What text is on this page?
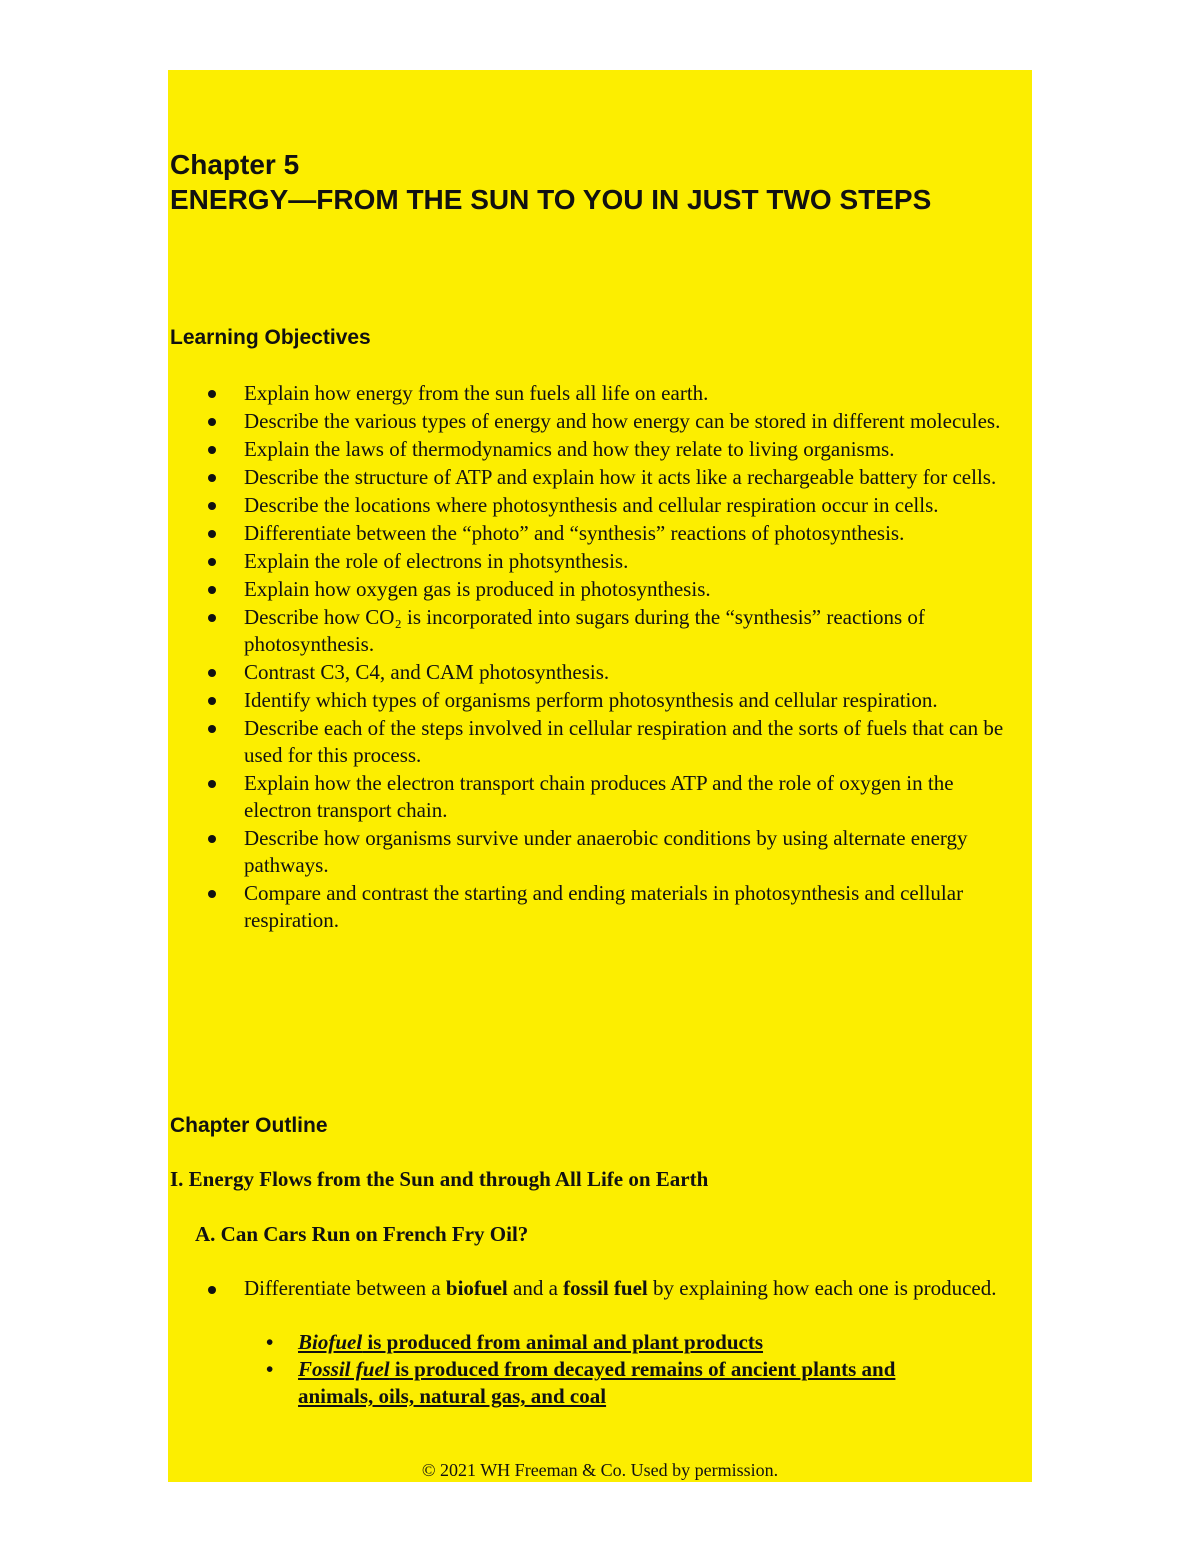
Chapter 5
ENERGY—FROM THE SUN TO YOU IN JUST TWO STEPS
Learning Objectives
Explain how energy from the sun fuels all life on earth.
Describe the various types of energy and how energy can be stored in different molecules.
Explain the laws of thermodynamics and how they relate to living organisms.
Describe the structure of ATP and explain how it acts like a rechargeable battery for cells.
Describe the locations where photosynthesis and cellular respiration occur in cells.
Differentiate between the “photo” and “synthesis” reactions of photosynthesis.
Explain the role of electrons in photsynthesis.
Explain how oxygen gas is produced in photosynthesis.
Describe how CO₂ is incorporated into sugars during the “synthesis” reactions of photosynthesis.
Contrast C3, C4, and CAM photosynthesis.
Identify which types of organisms perform photosynthesis and cellular respiration.
Describe each of the steps involved in cellular respiration and the sorts of fuels that can be used for this process.
Explain how the electron transport chain produces ATP and the role of oxygen in the electron transport chain.
Describe how organisms survive under anaerobic conditions by using alternate energy pathways.
Compare and contrast the starting and ending materials in photosynthesis and cellular respiration.
Chapter Outline
I. Energy Flows from the Sun and through All Life on Earth
A. Can Cars Run on French Fry Oil?

Differentiate between a biofuel and a fossil fuel by explaining how each one is produced.

• Biofuel is produced from animal and plant products
• Fossil fuel is produced from decayed remains of ancient plants and animals, oils, natural gas, and coal
© 2021 WH Freeman & Co. Used by permission.
